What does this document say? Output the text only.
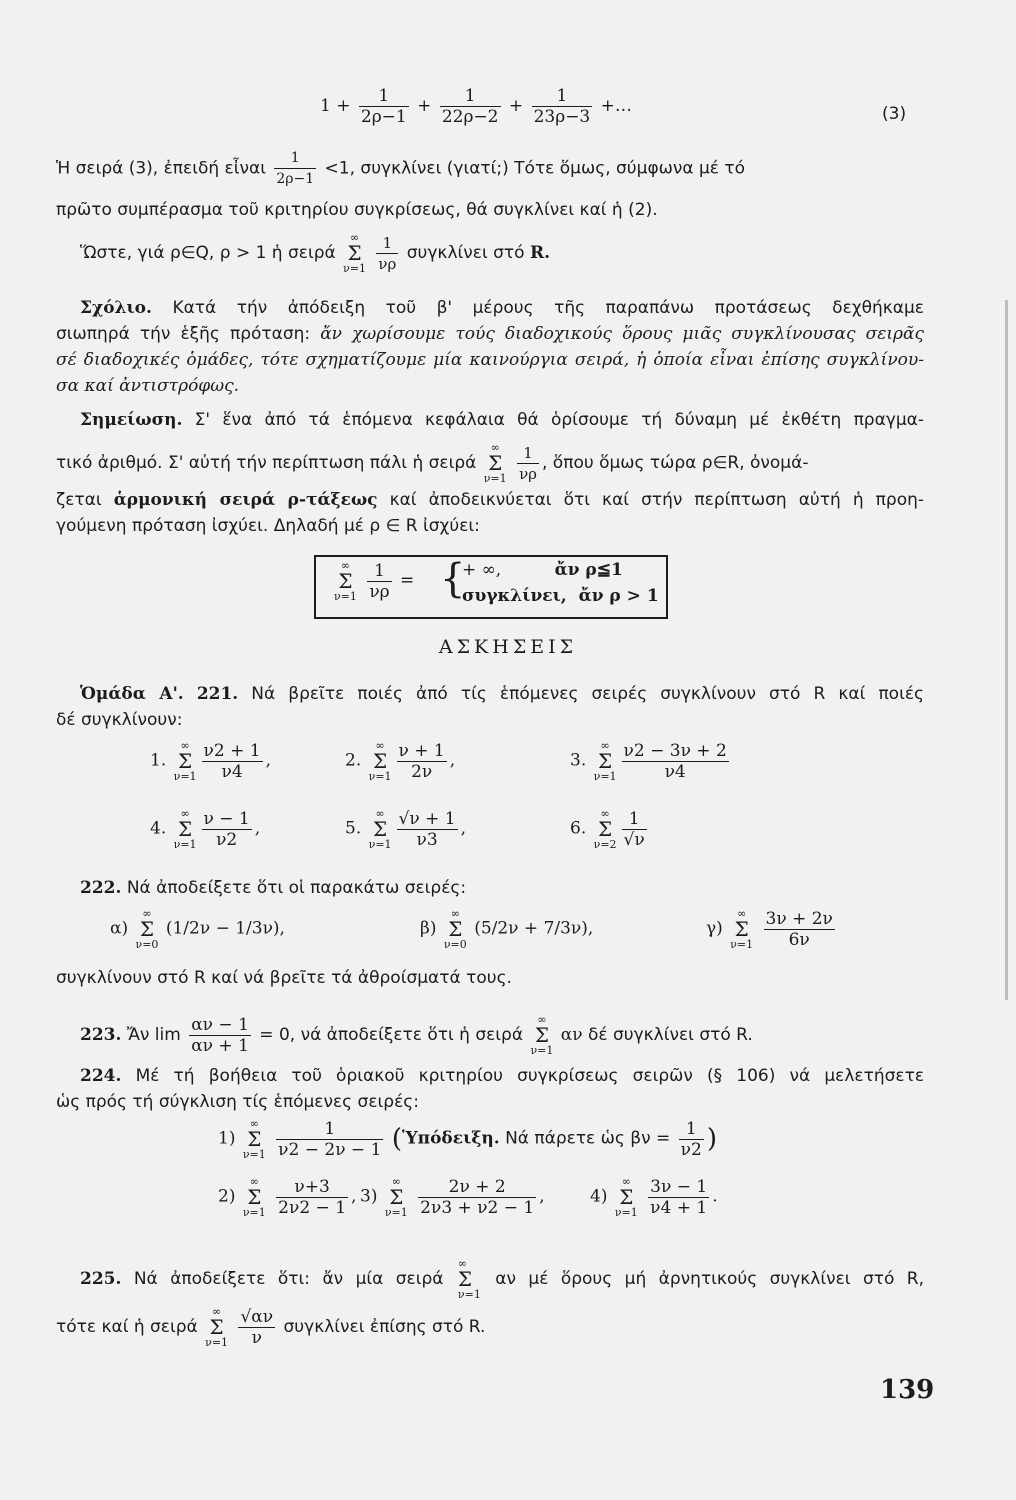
$1 + \frac{1}{2\rho-1} + \frac{1}{22\rho-2} + \frac{1}{23\rho-3}$ +…	(3)
Ἡ σειρά (3), ἐπειδή εἶναι $\frac{1}{2\rho-1} <1$, συγκλίνει (γιατί;) Τότε ὅμως, σύμφωνα μέ τό
πρῶτο συμπέρασμα τοῦ κριτηρίου συγκρίσεως, θά συγκλίνει καί ἡ (2).
Ὥστε, γιά ρ∈Q, ρ > 1 ἡ σειρά
∞
Σ
ν=1
$\frac{1}{\nu\rho}$ συγκλίνει στό R.
Σχόλιο. Κατά τήν ἀπόδειξη τοῦ β' μέρους τῆς παραπάνω προτάσεως δεχθήκαμε
σιωπηρά τήν ἑξῆς πρόταση: ἄν χωρίσουμε τούς διαδοχικούς ὅρους μιᾶς συγκλίνουσας σειρᾶς
σέ διαδοχικές ὁμάδες, τότε σχηματίζουμε μία καινούργια σειρά, ἡ ὁποία εἶναι ἐπίσης συγκλίνου-
σα καί ἀντιστρόφως.
Σημείωση. Σ' ἕνα ἀπό τά ἑπόμενα κεφάλαια θά ὁρίσουμε τή δύναμη μέ ἐκθέτη πραγμα-
τικό ἀριθμό. Σ' αὐτή τήν περίπτωση πάλι ἡ σειρά
∞
Σ
ν=1
$\frac{1}{\nu\rho}$ , ὅπου ὅμως τώρα ρ∈R, ὀνομά-
ζεται ἁρμονική σειρά ρ-τάξεως καί ἀποδεικνύεται ὅτι καί στήν περίπτωση αὐτή ἡ προη-
γούμενη πρόταση ἰσχύει. Δηλαδή μέ ρ ∈ R ἰσχύει:
∞
Σ
ν=1
$\frac{1}{\nu\rho}$ = {
+ ∞,	ἄν ρ≦1
συγκλίνει, ἄν ρ > 1
ΑΣΚΗΣΕΙΣ
Ὁμάδα Α'. 221. Νά βρεῖτε ποιές ἀπό τίς ἑπόμενες σειρές συγκλίνουν στό R καί ποιές
δέ συγκλίνουν:
1.
∞
Σ
$\nu=1 \frac{\nu 2 + 1}{\nu 4}$ ,	2.
∞
Σ
$\nu=1 \frac{\nu + 1}{2\nu}$ ,	3.
∞
Σ
$\nu=1 \frac{\nu 2 - 3\nu + 2}{\nu 4}$
4.
∞
Σ
$\nu=1 \frac{\nu - 1}{\nu 2}$ ,	5.
∞
Σ
$\nu=1 \frac{√\nu + 1}{\nu 3}$ ,	6.
∞
Σ
$\nu=2 \frac{1}{√\nu}$
222. Νά ἀποδείξετε ὅτι οἱ παρακάτω σειρές:
α)
∞
Σ
ν=0
(1/2ν − 1/3ν),	β)
∞
Σ
ν=0
(5/2ν + 7/3ν),	γ)
∞
Σ
ν=1
$\frac{3\nu + 2\nu}{6\nu}$
συγκλίνουν στό R καί νά βρεῖτε τά ἀθροίσματά τους.
223. Ἄν $\lim \frac{\alpha\nu - 1}{\alpha\nu + 1} = 0$, νά ἀποδείξετε ὅτι ἡ σειρά
∞
Σ
ν=1
αν δέ συγκλίνει στό R.
224. Μέ τή βοήθεια τοῦ ὁριακοῦ κριτηρίου συγκρίσεως σειρῶν (§ 106) νά μελετήσετε
ὡς πρός τή σύγκλιση τίς ἑπόμενες σειρές:
1)
∞
Σ
ν=1
$\frac{1}{\nu 2 - 2\nu - 1}$ (Ὑπόδειξη. Νά πάρετε ὡς $\beta\nu = \frac{1}{\nu 2}$ )
2)
∞
Σ
ν=1
$\frac{\nu+3}{2\nu 2 - 1}$ , 3)
∞
Σ
ν=1
$\frac{2\nu + 2}{2\nu 3 + \nu 2 - 1}$ ,	4)
∞
Σ
ν=1
$\frac{3\nu - 1}{\nu 4 + 1}$ .
225. Νά ἀποδείξετε ὅτι: ἄν μία σειρά
∞
Σ
ν=1
αν μέ ὅρους μή ἀρνητικούς συγκλίνει στό R,
τότε καί ἡ σειρά
∞
Σ
ν=1
$\frac{√\alpha\nu}{\nu}$ συγκλίνει ἐπίσης στό R.
139
